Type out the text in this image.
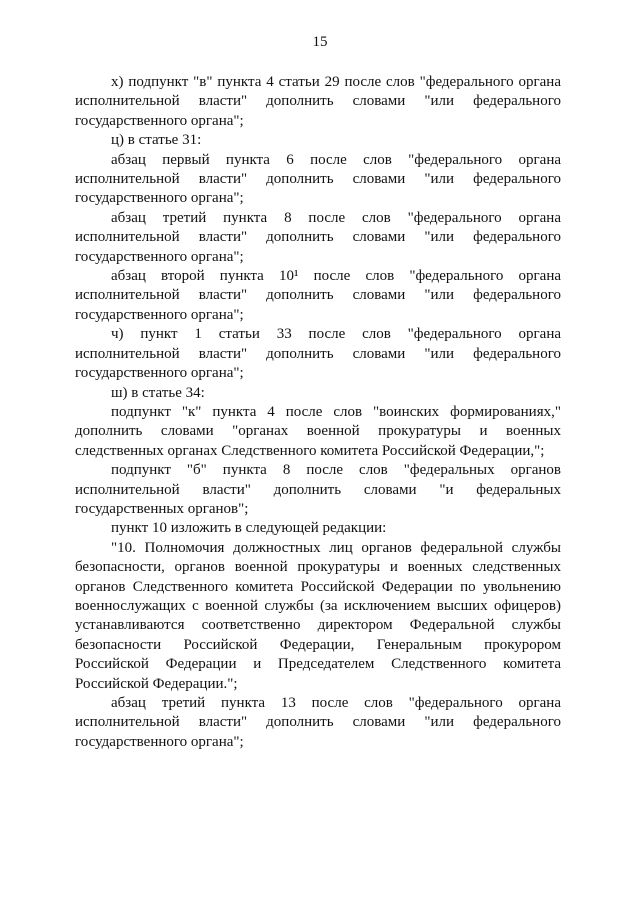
15

х) подпункт "в" пункта 4 статьи 29 после слов "федерального органа исполнительной власти" дополнить словами "или федерального государственного органа";

ц) в статье 31:

абзац первый пункта 6 после слов "федерального органа исполнительной власти" дополнить словами "или федерального государственного органа";

абзац третий пункта 8 после слов "федерального органа исполнительной власти" дополнить словами "или федерального государственного органа";

абзац второй пункта 10¹ после слов "федерального органа исполнительной власти" дополнить словами "или федерального государственного органа";

ч) пункт 1 статьи 33 после слов "федерального органа исполнительной власти" дополнить словами "или федерального государственного органа";

ш) в статье 34:

подпункт "к" пункта 4 после слов "воинских формированиях," дополнить словами "органах военной прокуратуры и военных следственных органах Следственного комитета Российской Федерации,";

подпункт "б" пункта 8 после слов "федеральных органов исполнительной власти" дополнить словами "и федеральных государственных органов";

пункт 10 изложить в следующей редакции:

"10. Полномочия должностных лиц органов федеральной службы безопасности, органов военной прокуратуры и военных следственных органов Следственного комитета Российской Федерации по увольнению военнослужащих с военной службы (за исключением высших офицеров) устанавливаются соответственно директором Федеральной службы безопасности Российской Федерации, Генеральным прокурором Российской Федерации и Председателем Следственного комитета Российской Федерации.";

абзац третий пункта 13 после слов "федерального органа исполнительной власти" дополнить словами "или федерального государственного органа";
